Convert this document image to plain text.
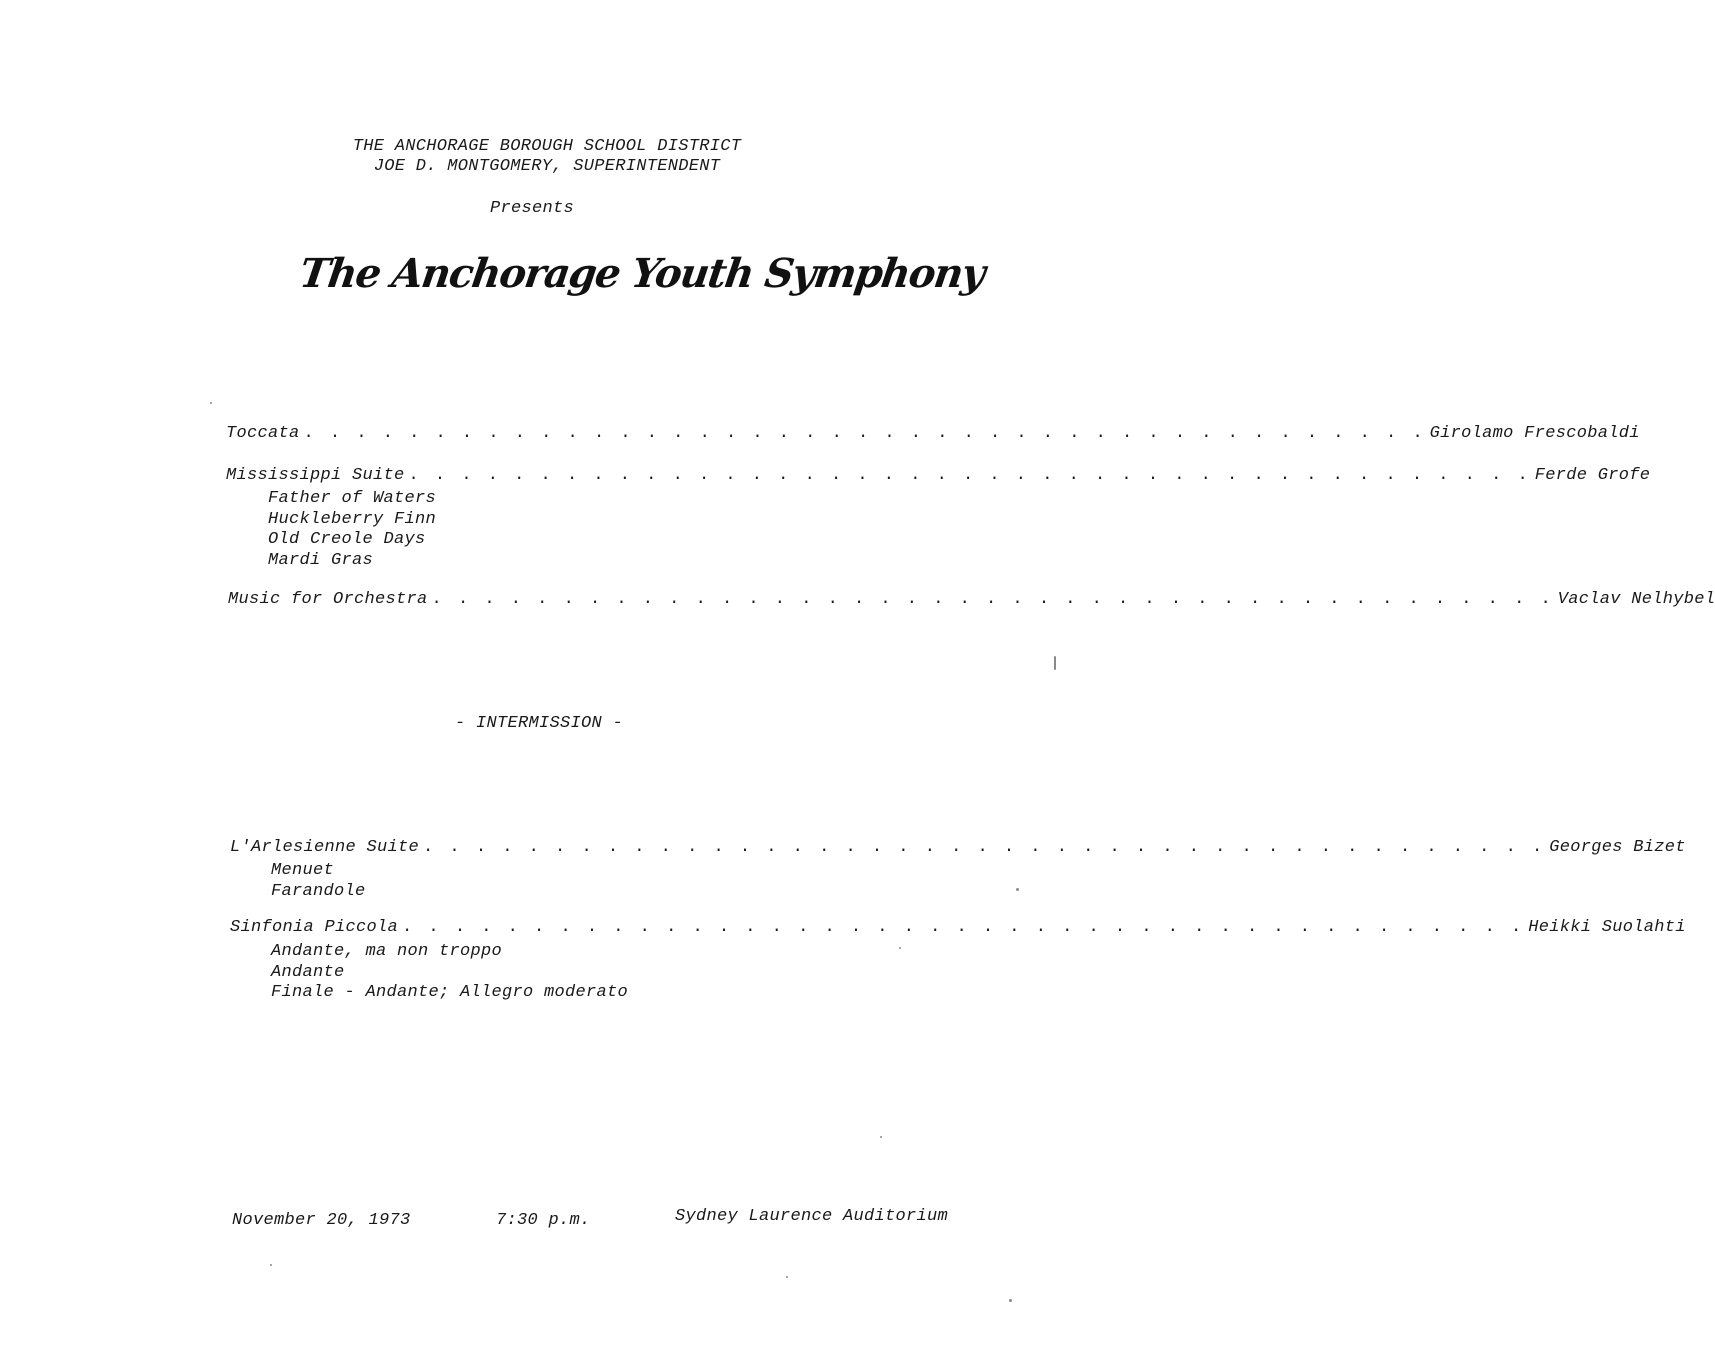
THE ANCHORAGE BOROUGH SCHOOL DISTRICT
JOE D. MONTGOMERY, SUPERINTENDENT
Presents
The Anchorage Youth Symphony
Toccata . . . . . . . . . . . . . . . . . . . . . . . . . . . . . . . . . . . . . . . . . . . Girolamo Frescobaldi
Mississippi Suite . . . . . . . . . . . . . . . . . . . . . . . . . . . . . . . . . . . . . . . . . . . Ferde Grofe
Father of Waters
Huckleberry Finn
Old Creole Days
Mardi Gras
Music for Orchestra . . . . . . . . . . . . . . . . . . . . . . . . . . . . . . . . . . . . . . . . . . . Vaclav Nelhybel
- INTERMISSION -
L'Arlesienne Suite . . . . . . . . . . . . . . . . . . . . . . . . . . . . . . . . . . . . . . . . . . . Georges Bizet
Menuet
Farandole
Sinfonia Piccola . . . . . . . . . . . . . . . . . . . . . . . . . . . . . . . . . . . . . . . . . . . Heikki Suolahti
Andante, ma non troppo
Andante
Finale - Andante; Allegro moderato
November 20, 1973	7:30 p.m.	Sydney Laurence Auditorium
